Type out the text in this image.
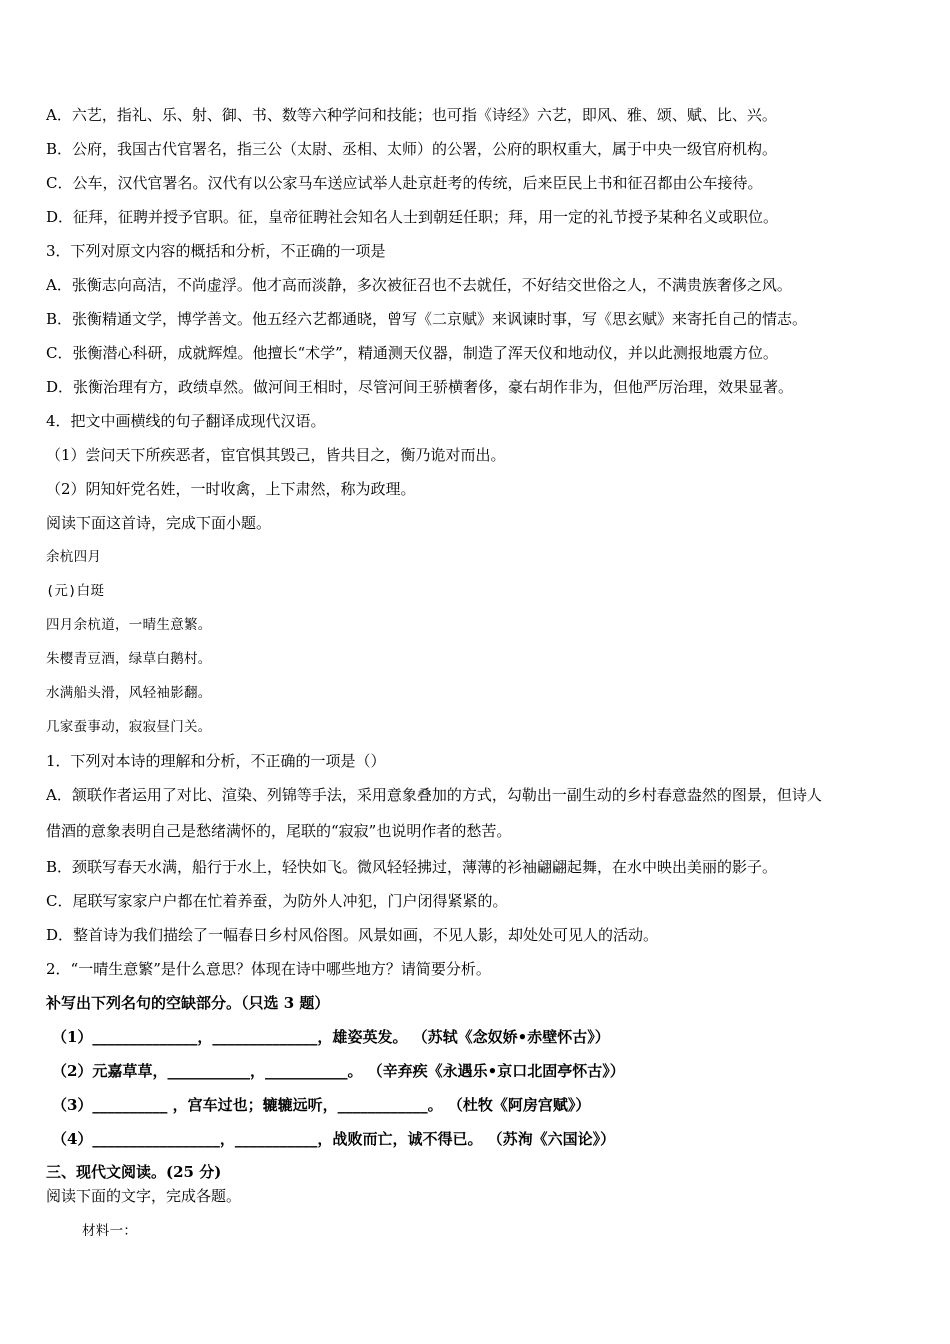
A．六艺，指礼、乐、射、御、书、数等六种学问和技能；也可指《诗经》六艺，即风、雅、颂、赋、比、兴。
B．公府，我国古代官署名，指三公（太尉、丞相、太师）的公署，公府的职权重大，属于中央一级官府机构。
C．公车，汉代官署名。汉代有以公家马车送应试举人赴京赶考的传统，后来臣民上书和征召都由公车接待。
D．征拜，征聘并授予官职。征，皇帝征聘社会知名人士到朝廷任职；拜，用一定的礼节授予某种名义或职位。
3．下列对原文内容的概括和分析，不正确的一项是
A．张衡志向高洁，不尚虚浮。他才高而淡静，多次被征召也不去就任，不好结交世俗之人，不满贵族奢侈之风。
B．张衡精通文学，博学善文。他五经六艺都通晓，曾写《二京赋》来讽谏时事，写《思玄赋》来寄托自己的情志。
C．张衡潜心科研，成就辉煌。他擅长“术学”，精通测天仪器，制造了浑天仪和地动仪，并以此测报地震方位。
D．张衡治理有方，政绩卓然。做河间王相时，尽管河间王骄横奢侈，豪右胡作非为，但他严厉治理，效果显著。
4．把文中画横线的句子翻译成现代汉语。
（1）尝问天下所疾恶者，宦官惧其毁己，皆共目之，衡乃诡对而出。
（2）阴知奸党名姓，一时收禽，上下肃然，称为政理。
阅读下面这首诗，完成下面小题。
余杭四月
(元)白珽
四月余杭道，一晴生意繁。
朱樱青豆酒，绿草白鹅村。
水满船头滑，风轻袖影翻。
几家蚕事动，寂寂昼门关。
1．下列对本诗的理解和分析，不正确的一项是（）
A．颔联作者运用了对比、渲染、列锦等手法，采用意象叠加的方式，勾勒出一副生动的乡村春意盎然的图景，但诗人
借酒的意象表明自己是愁绪满怀的，尾联的“寂寂”也说明作者的愁苦。
B．颈联写春天水满，船行于水上，轻快如飞。微风轻轻拂过，薄薄的衫袖翩翩起舞，在水中映出美丽的影子。
C．尾联写家家户户都在忙着养蚕，为防外人冲犯，门户闭得紧紧的。
D．整首诗为我们描绘了一幅春日乡村风俗图。风景如画，不见人影，却处处可见人的活动。
2．“一晴生意繁”是什么意思？体现在诗中哪些地方？请简要分析。
补写出下列名句的空缺部分。（只选 3 题）
（1）______________，______________，雄姿英发。 （苏轼《念奴娇•赤壁怀古》）
（2）元嘉草草，___________，___________。 （辛弃疾《永遇乐•京口北固亭怀古》）
（3）__________ ，宫车过也；辘辘远听，____________。 （杜牧《阿房宫赋》）
（4）_________________，___________，战败而亡，诚不得已。 （苏洵《六国论》）
三、现代文阅读。(25 分)
阅读下面的文字，完成各题。
材料一：
